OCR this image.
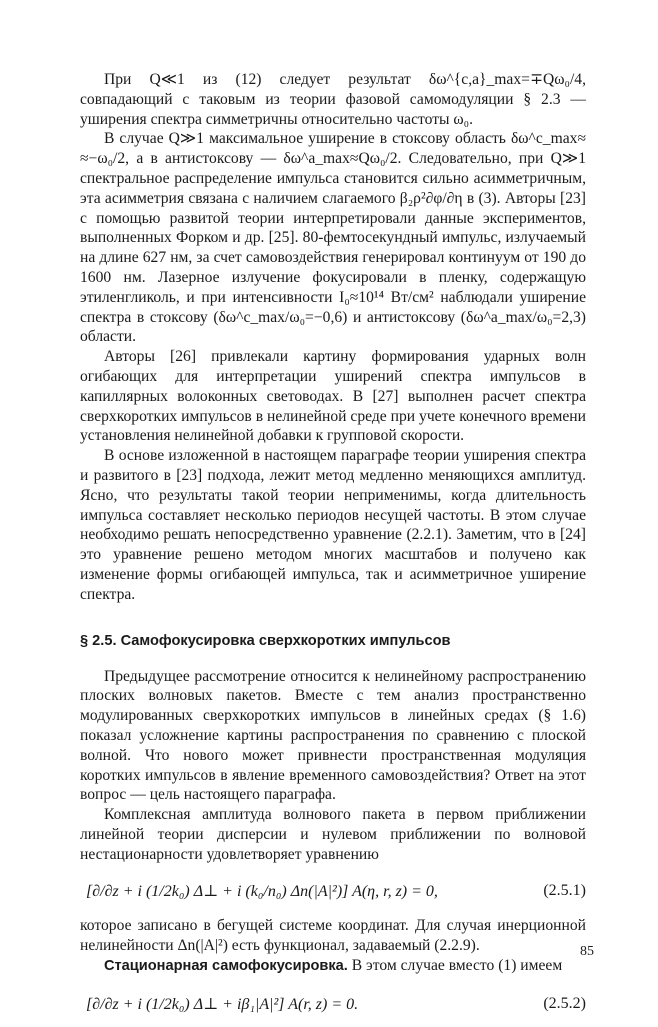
При Q≪1 из (12) следует результат δω^{c,a}_max=∓Qω₀/4, совпадающий с таковым из теории фазовой самомодуляции § 2.3 — уширения спектра симметричны относительно частоты ω₀.

В случае Q≫1 максимальное уширение в стоксову область δω^c_max≈ ≈−ω₀/2, а в антистоксову — δω^a_max≈Qω₀/2. Следовательно, при Q≫1 спектральное распределение импульса становится сильно асимметричным, эта асимметрия связана с наличием слагаемого β₂ρ²∂φ/∂η в (3). Авторы [23] с помощью развитой теории интерпретировали данные экспериментов, выполненных Форком и др. [25]. 80-фемтосекундный импульс, излучаемый на длине 627 нм, за счет самовоздействия генерировал континуум от 190 до 1600 нм. Лазерное излучение фокусировали в пленку, содержащую этиленгликоль, и при интенсивности I₀≈10¹⁴ Вт/см² наблюдали уширение спектра в стоксову (δω^c_max/ω₀=−0,6) и антистоксову (δω^a_max/ω₀=2,3) области.

Авторы [26] привлекали картину формирования ударных волн огибающих для интерпретации уширений спектра импульсов в капиллярных волоконных световодах. В [27] выполнен расчет спектра сверхкоротких импульсов в нелинейной среде при учете конечного времени установления нелинейной добавки к групповой скорости.

В основе изложенной в настоящем параграфе теории уширения спектра и развитого в [23] подхода, лежит метод медленно меняющихся амплитуд. Ясно, что результаты такой теории неприменимы, когда длительность импульса составляет несколько периодов несущей частоты. В этом случае необходимо решать непосредственно уравнение (2.2.1). Заметим, что в [24] это уравнение решено методом многих масштабов и получено как изменение формы огибающей импульса, так и асимметричное уширение спектра.

§ 2.5. Самофокусировка сверхкоротких импульсов

Предыдущее рассмотрение относится к нелинейному распространению плоских волновых пакетов. Вместе с тем анализ пространственно модулированных сверхкоротких импульсов в линейных средах (§ 1.6) показал усложнение картины распространения по сравнению с плоской волной. Что нового может привнести пространственная модуляция коротких импульсов в явление временного самовоздействия? Ответ на этот вопрос — цель настоящего параграфа.

Комплексная амплитуда волнового пакета в первом приближении линейной теории дисперсии и нулевом приближении по волновой нестационарности удовлетворяет уравнению

[∂/∂z + i (1/2k₀) Δ⊥ + i (k₀/n₀) Δn(|A|²)] A(η, r, z) = 0,	(2.5.1)

которое записано в бегущей системе координат. Для случая инерционной нелинейности Δn(|A|²) есть функционал, задаваемый (2.2.9).

Стационарная самофокусировка. В этом случае вместо (1) имеем

[∂/∂z + i (1/2k₀) Δ⊥ + iβ₁|A|²] A(r, z) = 0.	(2.5.2)
85
